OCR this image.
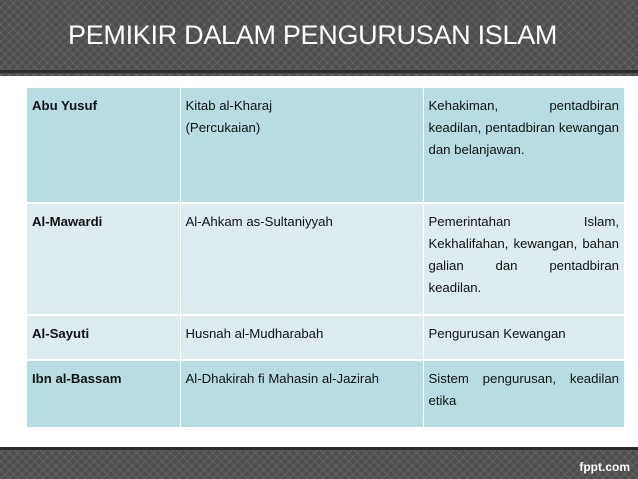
PEMIKIR DALAM PENGURUSAN ISLAM
Abu Yusuf	Kitab al-Kharaj (Percukaian)	Kehakiman, pentadbiran keadilan, pentadbiran kewangan dan belanjawan.
Al-Mawardi	Al-Ahkam as-Sultaniyyah	Pemerintahan Islam, Kekhalifahan, kewangan, bahan galian dan pentadbiran keadilan.
Al-Sayuti	Husnah al-Mudharabah	Pengurusan Kewangan
Ibn al-Bassam	Al-Dhakirah fi Mahasin al-Jazirah	Sistem pengurusan, keadilan etika
fppt.com
